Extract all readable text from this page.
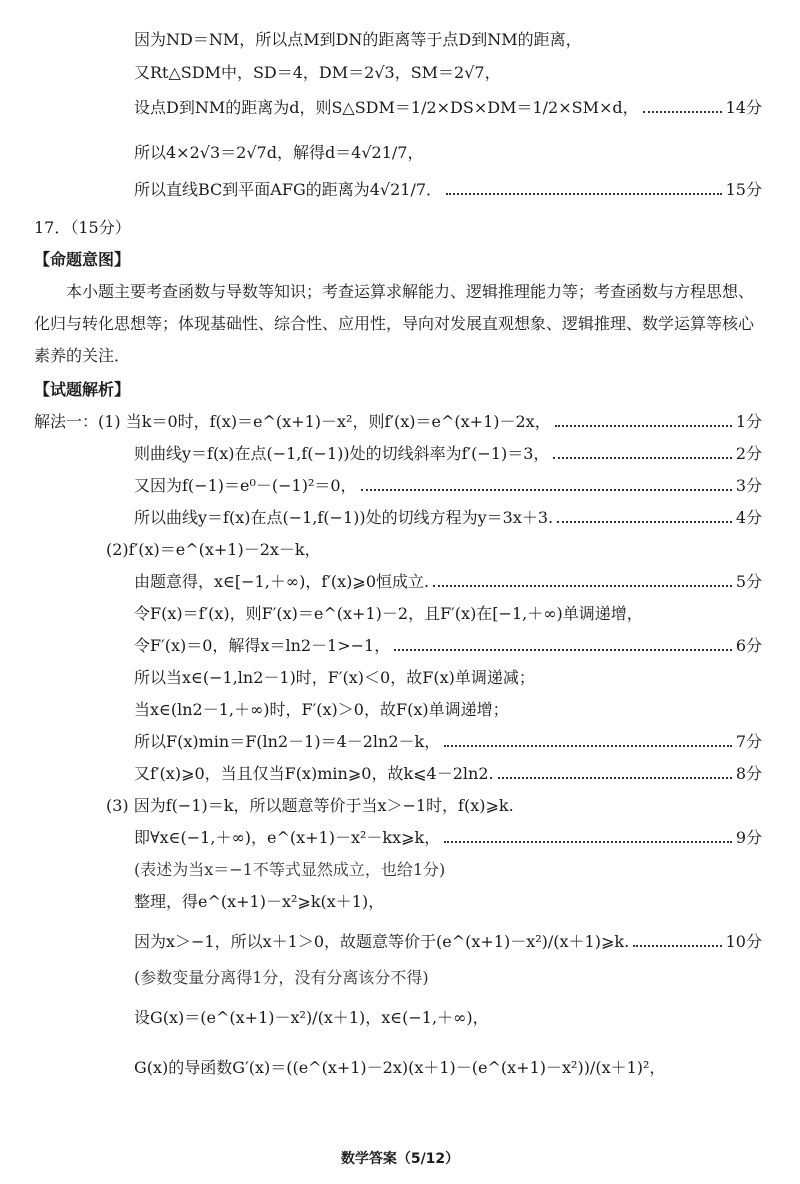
因为ND＝NM，所以点M到DN的距离等于点D到NM的距离，
又Rt△SDM中，SD＝4，DM＝2√3，SM＝2√7，
设点D到NM的距离为d，则S△SDM＝1/2×DS×DM＝1/2×SM×d，	14分
所以4×2√3＝2√7d，解得d＝4√21/7，
所以直线BC到平面AFG的距离为4√21/7．	15分
17．（15分）
【命题意图】
本小题主要考查函数与导数等知识；考查运算求解能力、逻辑推理能力等；考查函数与方程思想、化归与转化思想等；体现基础性、综合性、应用性，导向对发展直观想象、逻辑推理、数学运算等核心素养的关注．
【试题解析】
解法一：(1) 当k＝0时，f(x)＝e^(x+1)－x²，则f′(x)＝e^(x+1)－2x，	1分
则曲线y＝f(x)在点(−1,f(−1))处的切线斜率为f′(−1)＝3，	2分
又因为f(−1)＝e⁰－(−1)²＝0，	3分
所以曲线y＝f(x)在点(−1,f(−1))处的切线方程为y＝3x＋3.	4分
(2)f′(x)＝e^(x+1)－2x－k，
由题意得，x∈[−1,＋∞)，f′(x)⩾0恒成立.	5分
令F(x)＝f′(x)，则F′(x)＝e^(x+1)－2，且F′(x)在[−1,＋∞)单调递增，
令F′(x)＝0，解得x＝ln2－1>−1，	6分
所以当x∈(−1,ln2－1)时，F′(x)＜0，故F(x)单调递减；
当x∈(ln2－1,＋∞)时，F′(x)＞0，故F(x)单调递增；
所以F(x)min＝F(ln2－1)＝4－2ln2－k，	7分
又f′(x)⩾0，当且仅当F(x)min⩾0，故k⩽4－2ln2.	8分
(3) 因为f(−1)＝k，所以题意等价于当x＞−1时，f(x)⩾k.
即∀x∈(−1,＋∞)，e^(x+1)－x²－kx⩾k，	9分
(表述为当x＝−1不等式显然成立，也给1分)
整理，得e^(x+1)－x²⩾k(x＋1)，
因为x＞−1，所以x＋1＞0，故题意等价于(e^(x+1)－x²)/(x＋1)⩾k.	10分
(参数变量分离得1分，没有分离该分不得)
设G(x)＝(e^(x+1)－x²)/(x＋1)，x∈(−1,＋∞)，
G(x)的导函数G′(x)＝((e^(x+1)－2x)(x＋1)－(e^(x+1)－x²))/(x＋1)²，
数学答案（5/12）
